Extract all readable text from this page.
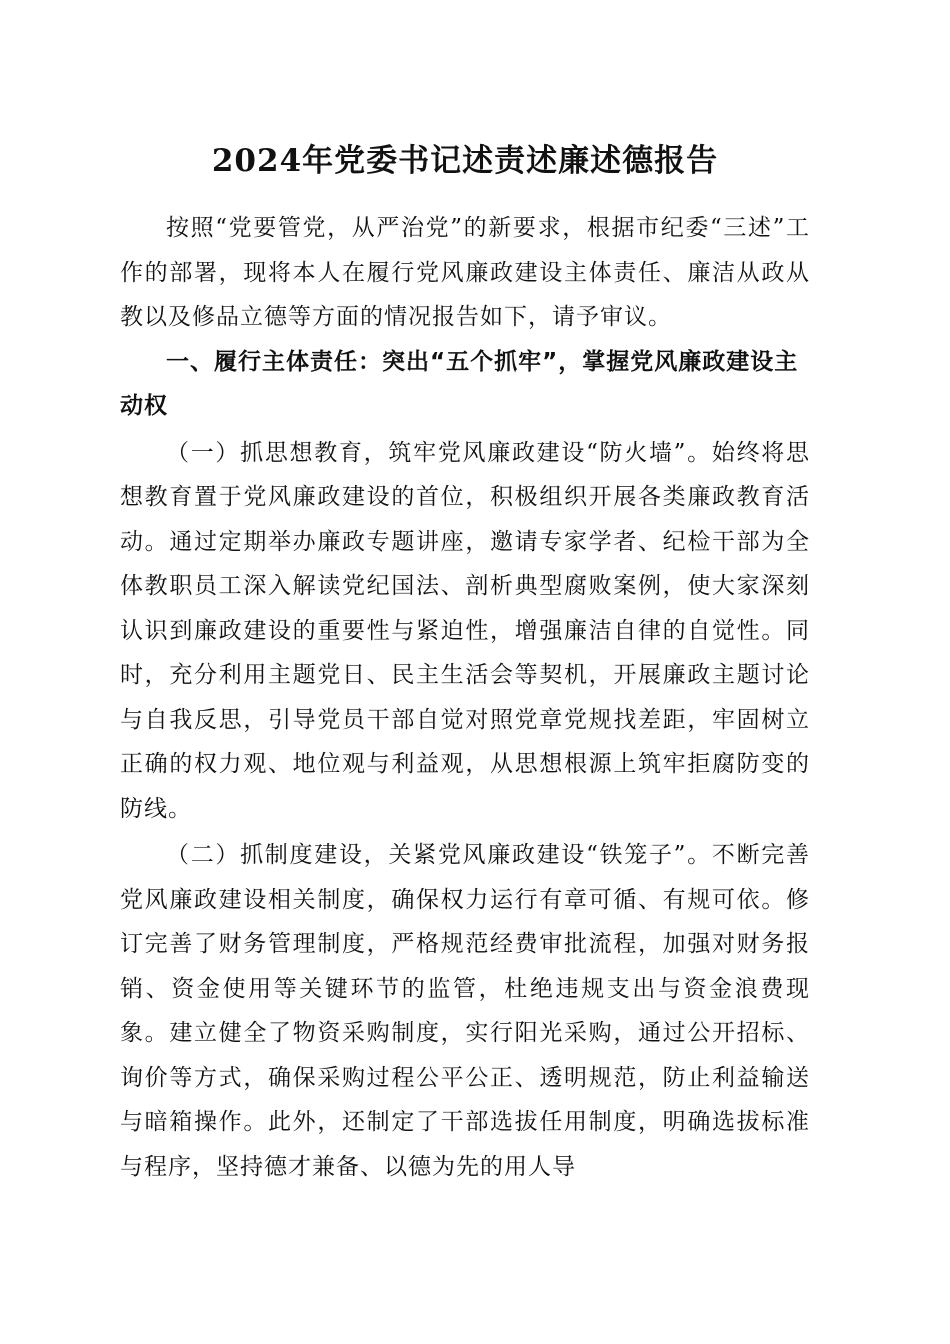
2024年党委书记述责述廉述德报告

按照“党要管党，从严治党”的新要求，根据市纪委“三述”工作的部署，现将本人在履行党风廉政建设主体责任、廉洁从政从教以及修品立德等方面的情况报告如下，请予审议。

一、履行主体责任：突出“五个抓牢”，掌握党风廉政建设主动权

（一）抓思想教育，筑牢党风廉政建设“防火墙”。始终将思想教育置于党风廉政建设的首位，积极组织开展各类廉政教育活动。通过定期举办廉政专题讲座，邀请专家学者、纪检干部为全体教职员工深入解读党纪国法、剖析典型腐败案例，使大家深刻认识到廉政建设的重要性与紧迫性，增强廉洁自律的自觉性。同时，充分利用主题党日、民主生活会等契机，开展廉政主题讨论与自我反思，引导党员干部自觉对照党章党规找差距，牢固树立正确的权力观、地位观与利益观，从思想根源上筑牢拒腐防变的防线。

（二）抓制度建设，关紧党风廉政建设“铁笼子”。不断完善党风廉政建设相关制度，确保权力运行有章可循、有规可依。修订完善了财务管理制度，严格规范经费审批流程，加强对财务报销、资金使用等关键环节的监管，杜绝违规支出与资金浪费现象。建立健全了物资采购制度，实行阳光采购，通过公开招标、询价等方式，确保采购过程公平公正、透明规范，防止利益输送与暗箱操作。此外，还制定了干部选拔任用制度，明确选拔标准与程序，坚持德才兼备、以德为先的用人导
